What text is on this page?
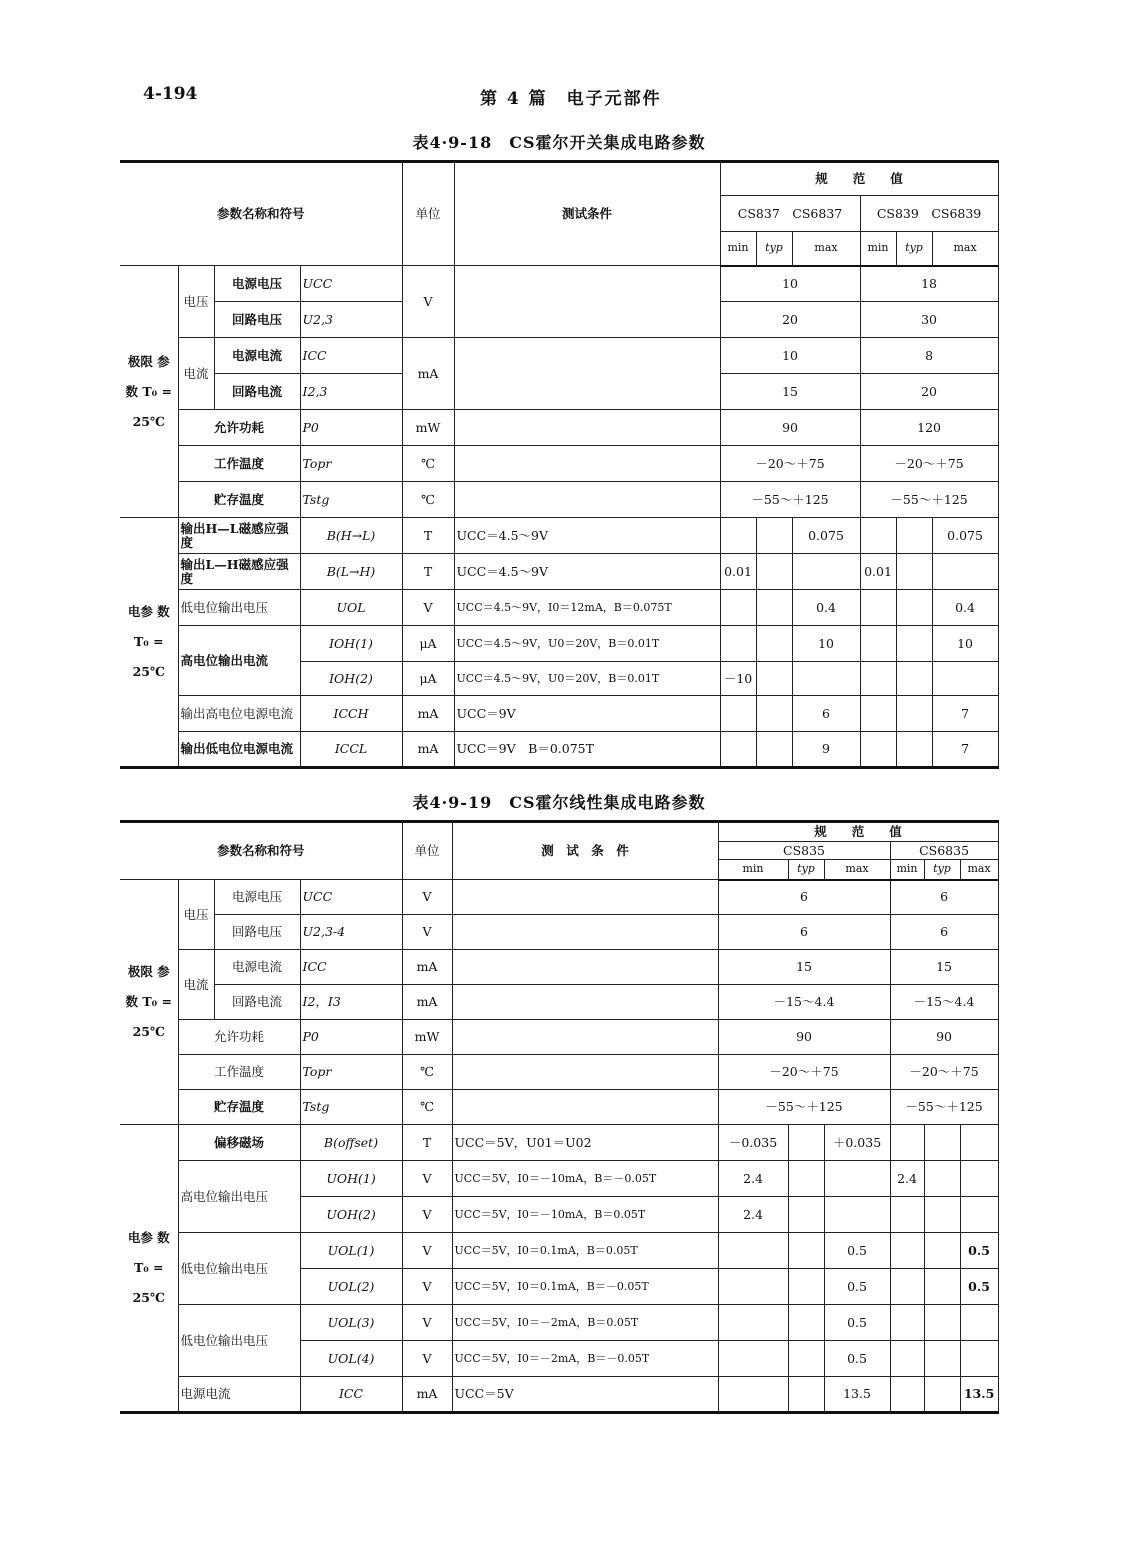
4-194	第 4 篇　电子元部件
表4·9-18　CS霍尔开关集成电路参数
参数名称和符号				单位	测试条件	规　　范　　值					
						CS837　CS6837			CS839　CS6839		
						min	typ	max	min	typ	max
极限 参数 T₀ = 25℃	电压	电源电压	UCC	V		10			18		
		回路电压	U2,3			20			30		
	电流	电源电流	ICC	mA		10			8		
		回路电流	I2,3			15			20		
	允许功耗		P0	mW		90			120		
	工作温度		Topr	℃		－20～＋75			－20～＋75		
	贮存温度		Tstg	℃		－55～＋125			－55～＋125		
电参 数 T₀ = 25℃	输出H—L磁感应强度		B(H→L)	T	UCC＝4.5～9V			0.075			0.075
	输出L—H磁感应强度		B(L→H)	T	UCC＝4.5～9V	0.01			0.01		
	低电位输出电压		UOL	V	UCC＝4.5～9V，I0＝12mA，B＝0.075T			0.4			0.4
	高电位输出电流		IOH(1)	μA	UCC＝4.5～9V，U0＝20V，B＝0.01T			10			10
			IOH(2)	μA	UCC＝4.5～9V，U0＝20V，B＝0.01T	－10					
	输出高电位电源电流		ICCH	mA	UCC＝9V			6			7
	输出低电位电源电流		ICCL	mA	UCC＝9V　B＝0.075T			9			7
表4·9-19　CS霍尔线性集成电路参数
参数名称和符号				单位	测　试　条　件	规　　范　　值					
						CS835			CS6835		
						min	typ	max	min	typ	max
极限 参数 T₀ = 25℃	电压	电源电压	UCC	V		6			6		
		回路电压	U2,3-4	V		6			6		
	电流	电源电流	ICC	mA		15			15		
		回路电流	I2，I3	mA		－15～4.4			－15～4.4		
	允许功耗		P0	mW		90			90		
	工作温度		Topr	℃		－20～＋75			－20～＋75		
	贮存温度		Tstg	℃		－55～＋125			－55～＋125		
电参 数 T₀ = 25℃	偏移磁场		B(offset)	T	UCC＝5V，U01＝U02	－0.035		＋0.035			
	高电位输出电压		UOH(1)	V	UCC＝5V，I0＝－10mA，B＝－0.05T	2.4			2.4		
			UOH(2)	V	UCC＝5V，I0＝－10mA，B＝0.05T	2.4					
	低电位输出电压		UOL(1)	V	UCC＝5V，I0＝0.1mA，B＝0.05T			0.5			0.5
			UOL(2)	V	UCC＝5V，I0＝0.1mA，B＝－0.05T			0.5			0.5
	低电位输出电压		UOL(3)	V	UCC＝5V，I0＝－2mA，B＝0.05T			0.5			
			UOL(4)	V	UCC＝5V，I0＝－2mA，B＝－0.05T			0.5			
	电源电流		ICC	mA	UCC＝5V			13.5			13.5
